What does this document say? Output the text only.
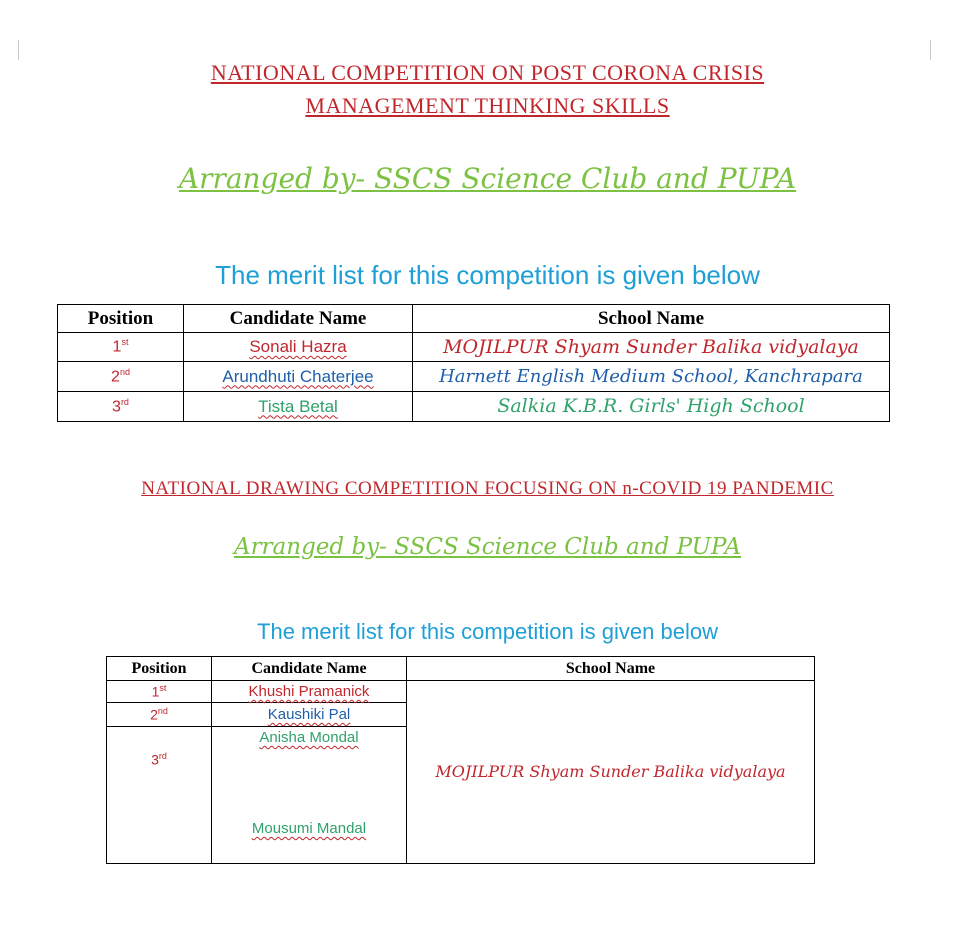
NATIONAL COMPETITION ON POST CORONA CRISIS
MANAGEMENT THINKING SKILLS
Arranged by- SSCS Science Club and PUPA
The merit list for this competition is given below
Position	Candidate Name	School Name
1st	Sonali Hazra	MOJILPUR Shyam Sunder Balika vidyalaya
2nd	Arundhuti Chaterjee	Harnett English Medium School, Kanchrapara
3rd	Tista Betal	Salkia K.B.R. Girls' High School
NATIONAL DRAWING COMPETITION FOCUSING ON n-COVID 19 PANDEMIC
Arranged by- SSCS Science Club and PUPA
The merit list for this competition is given below
Position	Candidate Name	School Name
1st	Khushi Pramanick	MOJILPUR Shyam Sunder Balika vidyalaya
2nd	Kaushiki Pal	
3rd	Anisha Mondal
Mousumi Mandal	
